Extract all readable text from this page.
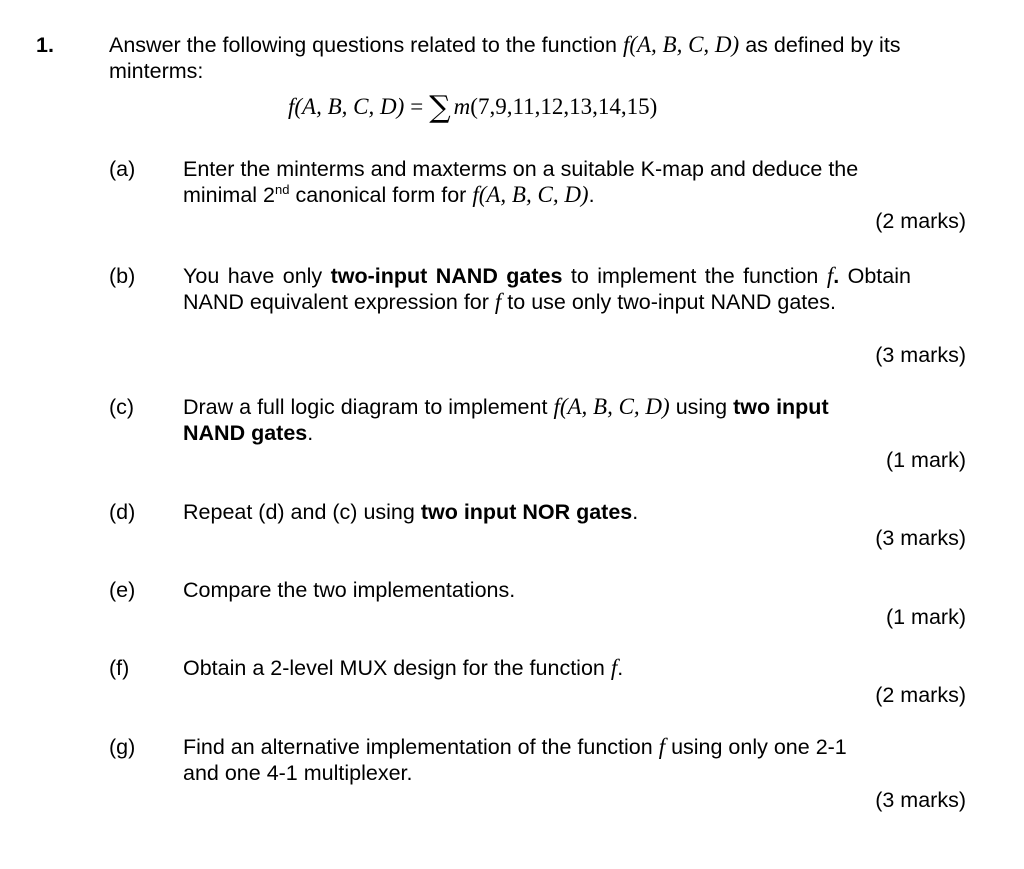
1.	Answer the following questions related to the function f(A, B, C, D) as defined by its minterms:
f(A, B, C, D) = ∑ m(7,9,11,12,13,14,15)
(a) Enter the minterms and maxterms on a suitable K-map and deduce the minimal 2nd canonical form for f(A, B, C, D).
(2 marks)
(b) You have only two-input NAND gates to implement the function f. Obtain NAND equivalent expression for f to use only two-input NAND gates.
(3 marks)
(c) Draw a full logic diagram to implement f(A, B, C, D) using two input NAND gates.
(1 mark)
(d) Repeat (d) and (c) using two input NOR gates.
(3 marks)
(e) Compare the two implementations.
(1 mark)
(f) Obtain a 2-level MUX design for the function f.
(2 marks)
(g) Find an alternative implementation of the function f using only one 2-1 and one 4-1 multiplexer.
(3 marks)
